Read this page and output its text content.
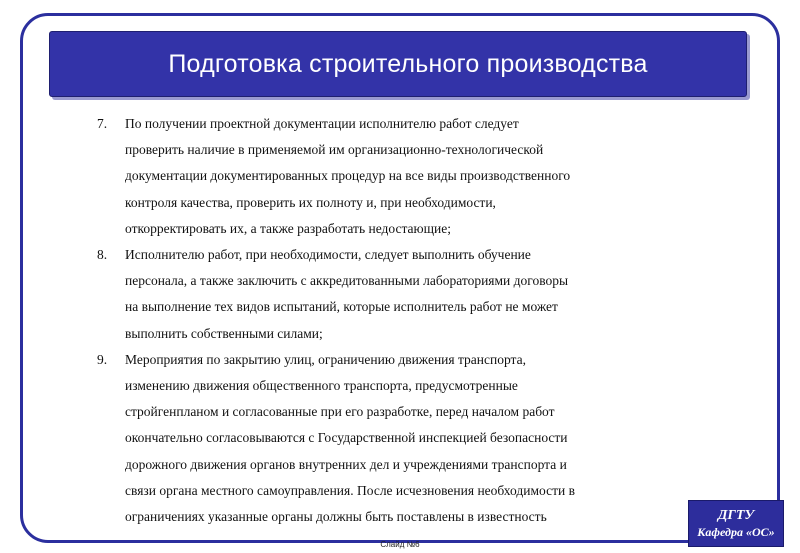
Подготовка строительного производства
7.	По получении проектной документации исполнителю работ следует
проверить наличие в применяемой им организационно-технологической
документации документированных процедур на все виды производственного
контроля качества, проверить их полноту и, при необходимости,
откорректировать их, а также разработать недостающие;
8.	Исполнителю работ, при необходимости, следует выполнить обучение
персонала, а также заключить с аккредитованными лабораториями договоры
на выполнение тех видов испытаний, которые исполнитель работ не может
выполнить собственными силами;
9.	Мероприятия по закрытию улиц, ограничению движения транспорта,
изменению движения общественного транспорта, предусмотренные
стройгенпланом и согласованные при его разработке, перед началом работ
окончательно согласовываются с Государственной инспекцией безопасности
дорожного движения органов внутренних дел и учреждениями транспорта и
связи органа местного самоуправления. После исчезновения необходимости в
ограничениях указанные органы должны быть поставлены в известность	ДГТУ
Кафедра «ОС»
Слайд №6
